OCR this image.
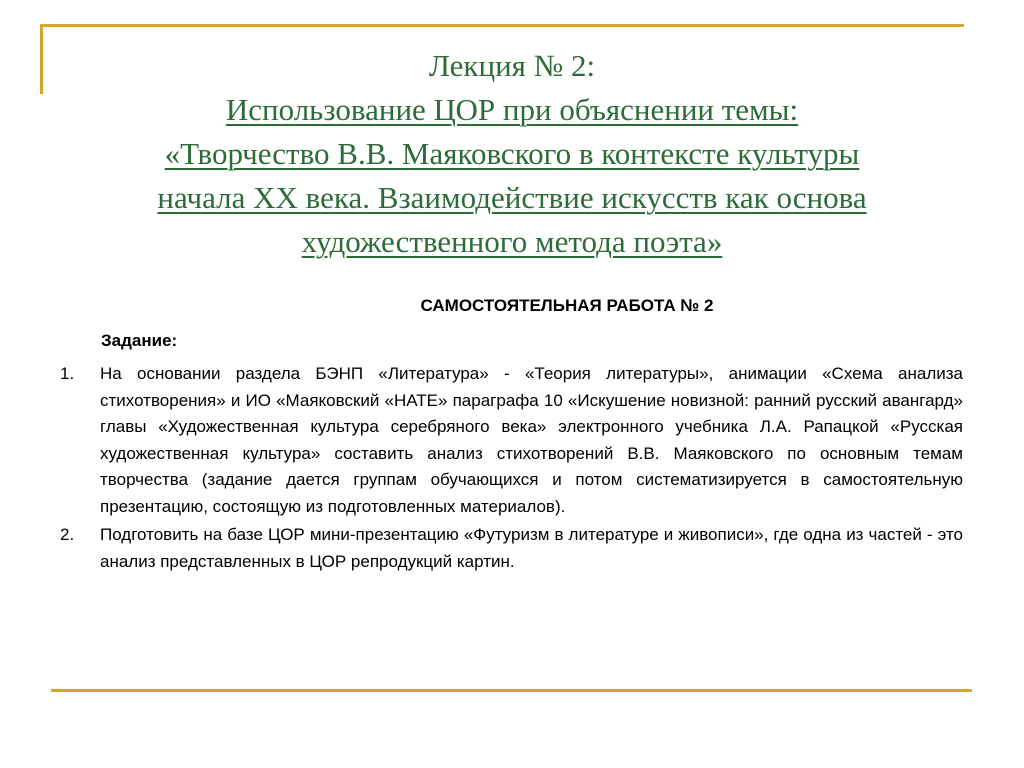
Лекция № 2:
Использование ЦОР при объяснении темы:
«Творчество В.В. Маяковского в контексте культуры
начала XX века. Взаимодействие искусств как основа
художественного метода поэта»
САМОСТОЯТЕЛЬНАЯ РАБОТА № 2
Задание:
1. На основании раздела БЭНП «Литература» - «Теория литературы», анимации «Схема анализа стихотворения» и ИО «Маяковский «НАТЕ» параграфа 10 «Искушение новизной: ранний русский авангард» главы «Художественная культура серебряного века» электронного учебника Л.А. Рапацкой «Русская художественная культура» составить анализ стихотворений В.В. Маяковского по основным темам творчества (задание дается группам обучающихся и потом систематизируется в самостоятельную презентацию, состоящую из подготовленных материалов).
2. Подготовить на базе ЦОР мини-презентацию «Футуризм в литературе и живописи», где одна из частей - это анализ представленных в ЦОР репродукций картин.
